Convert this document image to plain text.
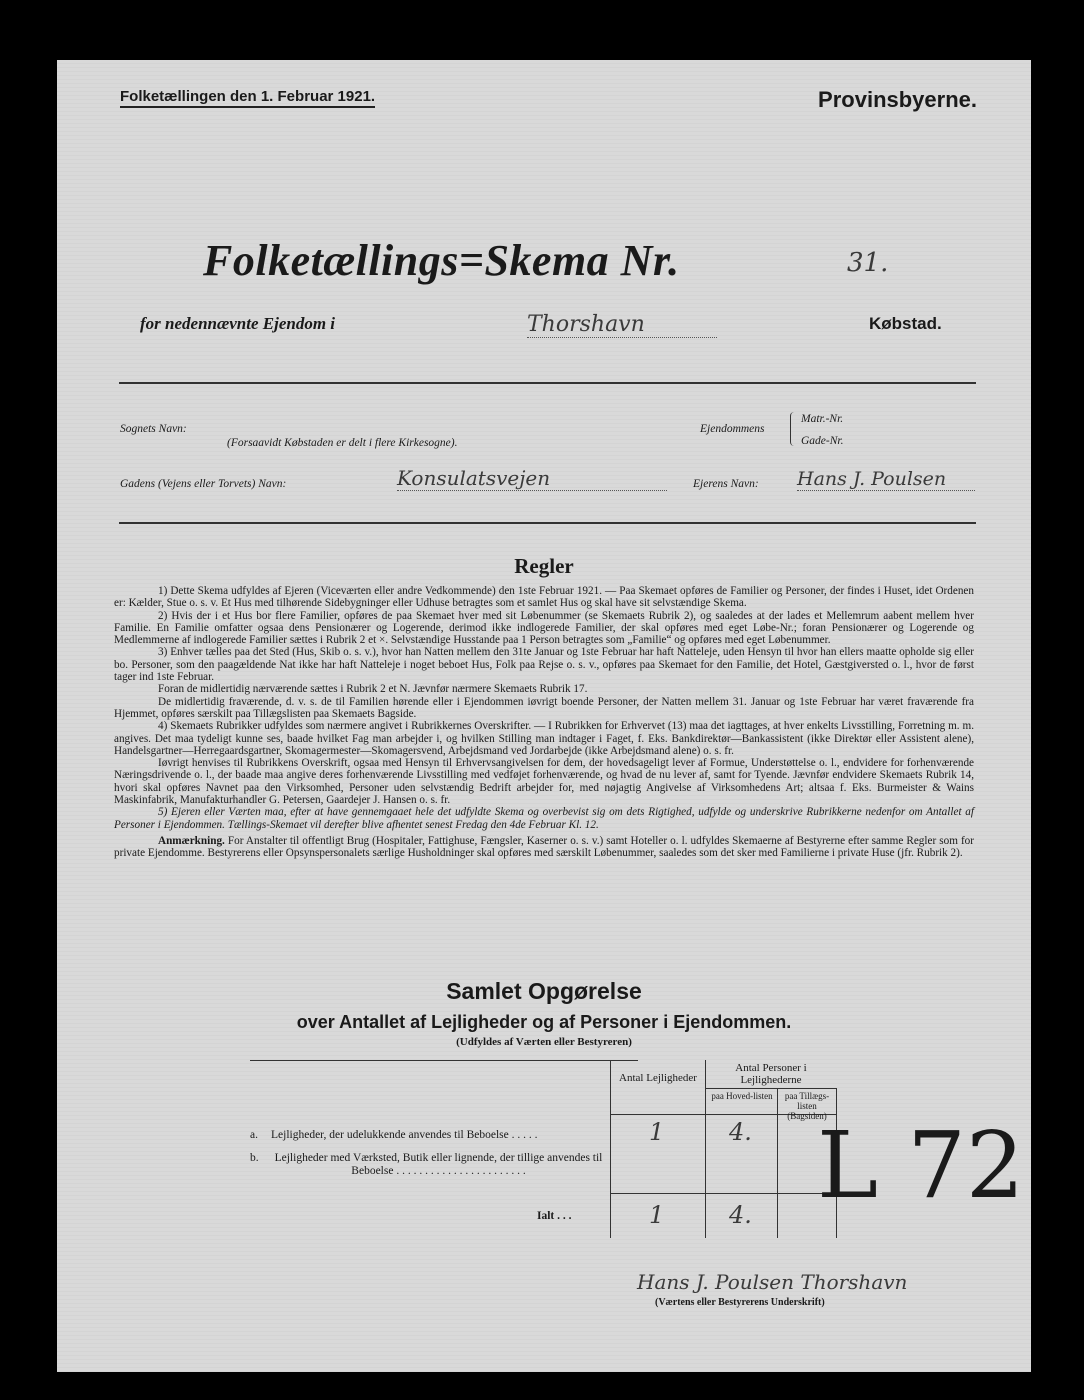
Folketællingen den 1. Februar 1921.	Provinsbyerne.
Folketællings=Skema Nr.	31.
for nedennævnte Ejendom i	Thorshavn	Købstad.
Sognets Navn:
(Forsaavidt Købstaden er delt i flere Kirkesogne).
Ejendommens
Matr.-Nr.
Gade-Nr.
Gadens (Vejens eller Torvets) Navn:	Konsulatsvejen	Ejerens Navn: Hans J. Poulsen
Regler

1) Dette Skema udfyldes af Ejeren (Viceværten eller andre Vedkommende) den 1ste Februar 1921. — Paa Skemaet opføres de Familier og Personer, der findes i Huset, idet Ordenen er: Kælder, Stue o. s. v. Et Hus med tilhørende Sidebygninger eller Udhuse betragtes som et samlet Hus og skal have sit selvstændige Skema.

2) Hvis der i et Hus bor flere Familier, opføres de paa Skemaet hver med sit Løbenummer (se Skemaets Rubrik 2), og saaledes at der lades et Mellemrum aabent mellem hver Familie. En Familie omfatter ogsaa dens Pensionærer og Logerende, derimod ikke indlogerede Familier, der skal opføres med eget Løbe-Nr.; foran Pensionærer og Logerende og Medlemmerne af indlogerede Familier sættes i Rubrik 2 et ×. Selvstændige Husstande paa 1 Person betragtes som „Familie“ og opføres med eget Løbenummer.

3) Enhver tælles paa det Sted (Hus, Skib o. s. v.), hvor han Natten mellem den 31te Januar og 1ste Februar har haft Natteleje, uden Hensyn til hvor han ellers maatte opholde sig eller bo. Personer, som den paagældende Nat ikke har haft Natteleje i noget beboet Hus, Folk paa Rejse o. s. v., opføres paa Skemaet for den Familie, det Hotel, Gæstgiversted o. l., hvor de først tager ind 1ste Februar.

Foran de midlertidig nærværende sættes i Rubrik 2 et N. Jævnfør nærmere Skemaets Rubrik 17.

De midlertidig fraværende, d. v. s. de til Familien hørende eller i Ejendommen iøvrigt boende Personer, der Natten mellem 31. Januar og 1ste Februar har været fraværende fra Hjemmet, opføres særskilt paa Tillægslisten paa Skemaets Bagside.

4) Skemaets Rubrikker udfyldes som nærmere angivet i Rubrikkernes Overskrifter. — I Rubrikken for Erhvervet (13) maa det iagttages, at hver enkelts Livsstilling, Forretning m. m. angives. Det maa tydeligt kunne ses, baade hvilket Fag man arbejder i, og hvilken Stilling man indtager i Faget, f. Eks. Bankdirektør—Bankassistent (ikke Direktør eller Assistent alene), Handelsgartner—Herregaardsgartner, Skomagermester—Skomagersvend, Arbejdsmand ved Jordarbejde (ikke Arbejdsmand alene) o. s. fr.

Iøvrigt henvises til Rubrikkens Overskrift, ogsaa med Hensyn til Erhvervsangivelsen for dem, der hovedsageligt lever af Formue, Understøttelse o. l., endvidere for forhenværende Næringsdrivende o. l., der baade maa angive deres forhenværende Livsstilling med vedføjet forhenværende, og hvad de nu lever af, samt for Tyende. Jævnfør endvidere Skemaets Rubrik 14, hvori skal opføres Navnet paa den Virksomhed, Personer uden selvstændig Bedrift arbejder for, med nøjagtig Angivelse af Virksomhedens Art; altsaa f. Eks. Burmeister & Wains Maskinfabrik, Manufakturhandler G. Petersen, Gaardejer J. Hansen o. s. fr.

5) Ejeren eller Værten maa, efter at have gennemgaaet hele det udfyldte Skema og overbevist sig om dets Rigtighed, udfylde og underskrive Rubrikkerne nedenfor om Antallet af Personer i Ejendommen. Tællings-Skemaet vil derefter blive afhentet senest Fredag den 4de Februar Kl. 12.

Anmærkning. For Anstalter til offentligt Brug (Hospitaler, Fattighuse, Fængsler, Kaserner o. s. v.) samt Hoteller o. l. udfyldes Skemaerne af Bestyrerne efter samme Regler som for private Ejendomme. Bestyrerens eller Opsynspersonalets særlige Husholdninger skal opføres med særskilt Løbenummer, saaledes som det sker med Familierne i private Huse (jfr. Rubrik 2).

Samlet Opgørelse
over Antallet af Lejligheder og af Personer i Ejendommen.
(Udfyldes af Værten eller Bestyreren)
Antal Lejligheder
Antal Personer i Lejlighederne
paa Hoved-listen	paa Tillægs-listen (Bagsiden)
a. Lejligheder, der udelukkende anvendes til Beboelse . . . . .	1	4.
b.	Lejligheder med Værksted, Butik eller lignende, der tillige anvendes til Beboelse . . . . . . . . . . . . . . . . . . . . . . .
Ialt . . .	1	4. L 72
Hans J. Poulsen Thorshavn
(Værtens eller Bestyrerens Underskrift)
